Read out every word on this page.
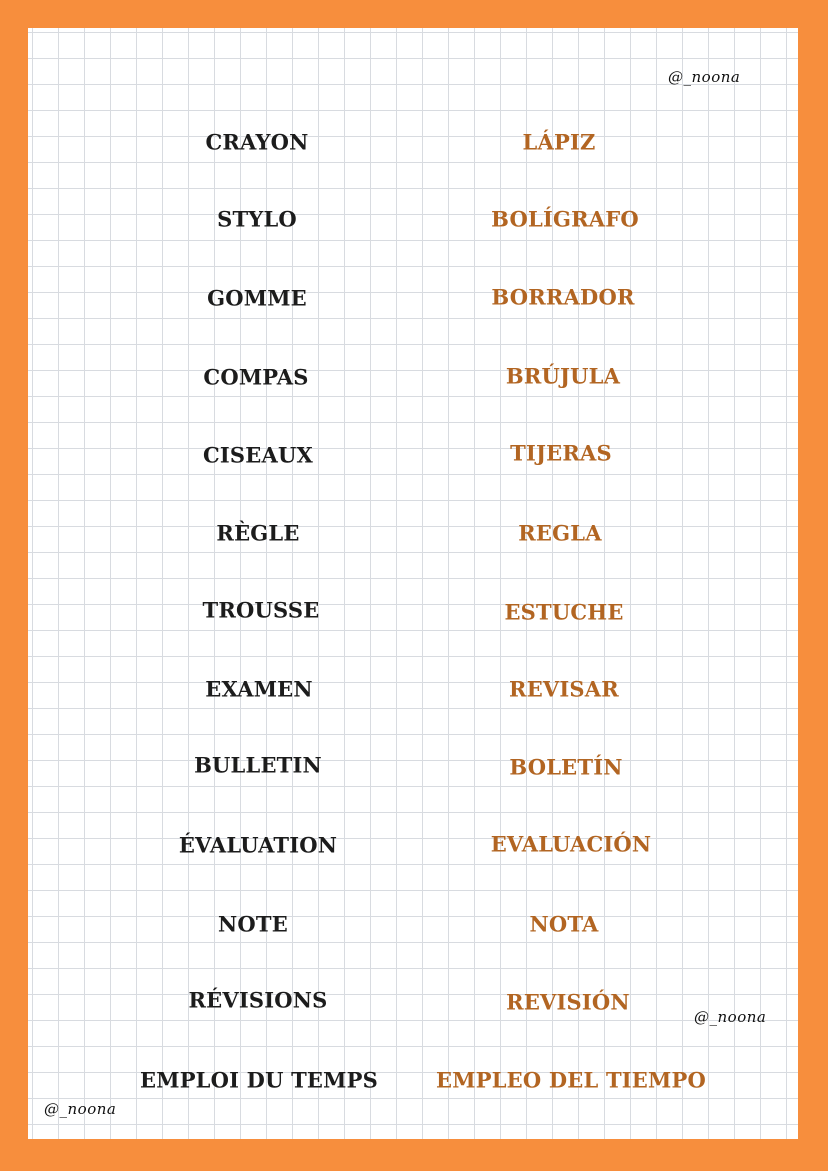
@_noona
CRAYON	LÁPIZ
STYLO	BOLÍGRAFO
GOMME	BORRADOR
COMPAS	BRÚJULA
CISEAUX	TIJERAS
RÈGLE	REGLA
TROUSSE	ESTUCHE
EXAMEN	REVISAR
BULLETIN	BOLETÍN
ÉVALUATION	EVALUACIÓN
NOTE	NOTA
RÉVISIONS	REVISIÓN
@_noona
EMPLOI DU TEMPS	EMPLEO DEL TIEMPO
@_noona
